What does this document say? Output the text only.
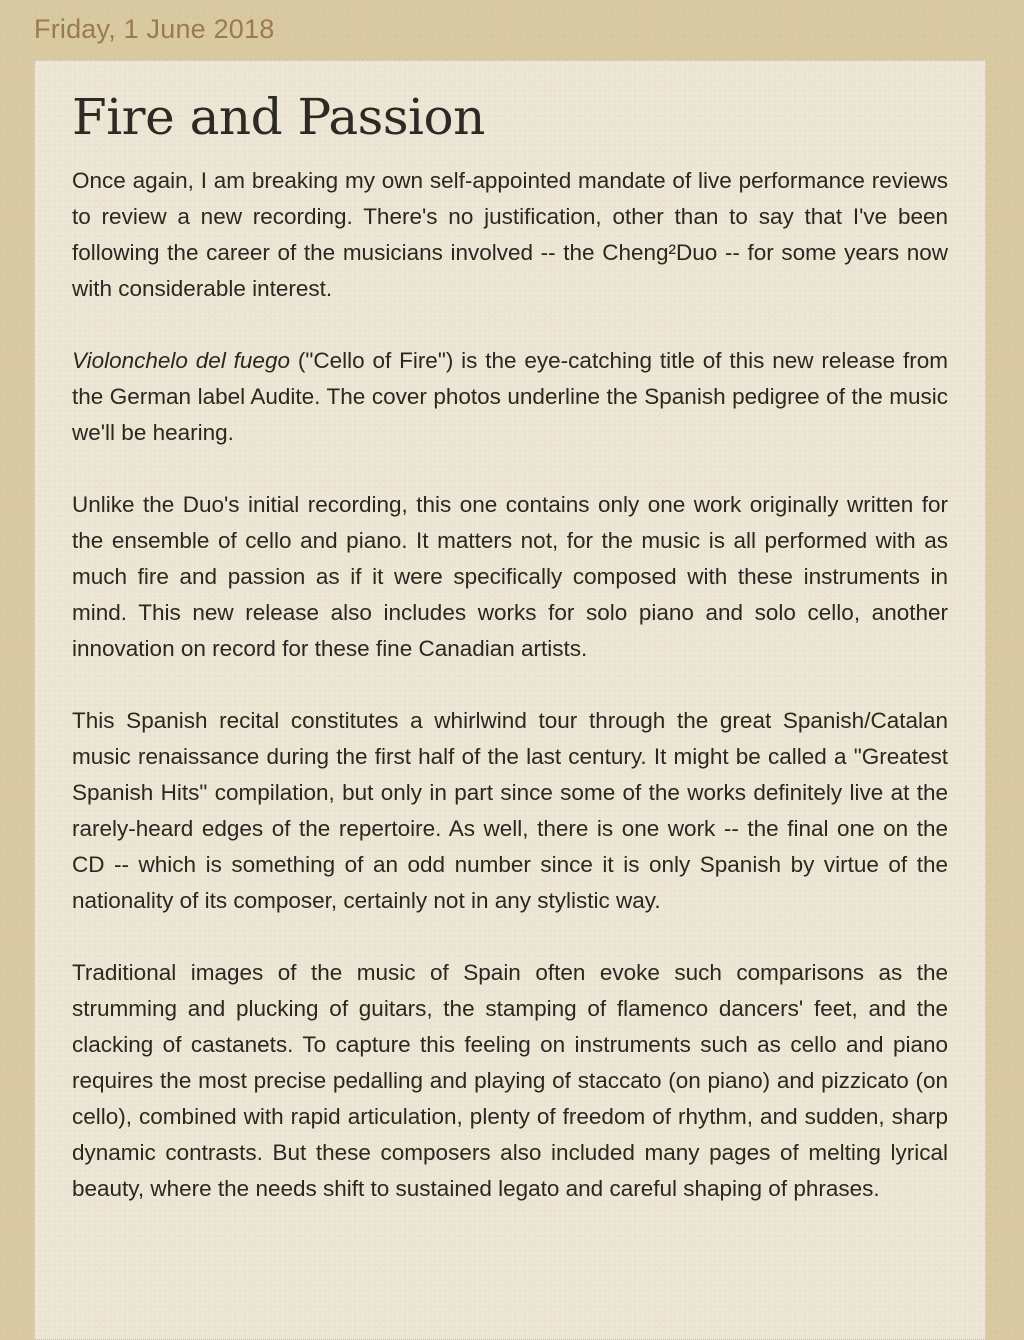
Friday, 1 June 2018
Fire and Passion

Once again, I am breaking my own self-appointed mandate of live performance reviews to review a new recording. There's no justification, other than to say that I've been following the career of the musicians involved -- the Cheng²Duo -- for some years now with considerable interest.

Violonchelo del fuego ("Cello of Fire") is the eye-catching title of this new release from the German label Audite. The cover photos underline the Spanish pedigree of the music we'll be hearing.

Unlike the Duo's initial recording, this one contains only one work originally written for the ensemble of cello and piano. It matters not, for the music is all performed with as much fire and passion as if it were specifically composed with these instruments in mind. This new release also includes works for solo piano and solo cello, another innovation on record for these fine Canadian artists.

This Spanish recital constitutes a whirlwind tour through the great Spanish/Catalan music renaissance during the first half of the last century. It might be called a "Greatest Spanish Hits" compilation, but only in part since some of the works definitely live at the rarely-heard edges of the repertoire. As well, there is one work -- the final one on the CD -- which is something of an odd number since it is only Spanish by virtue of the nationality of its composer, certainly not in any stylistic way.

Traditional images of the music of Spain often evoke such comparisons as the strumming and plucking of guitars, the stamping of flamenco dancers' feet, and the clacking of castanets. To capture this feeling on instruments such as cello and piano requires the most precise pedalling and playing of staccato (on piano) and pizzicato (on cello), combined with rapid articulation, plenty of freedom of rhythm, and sudden, sharp dynamic contrasts. But these composers also included many pages of melting lyrical beauty, where the needs shift to sustained legato and careful shaping of phrases.
